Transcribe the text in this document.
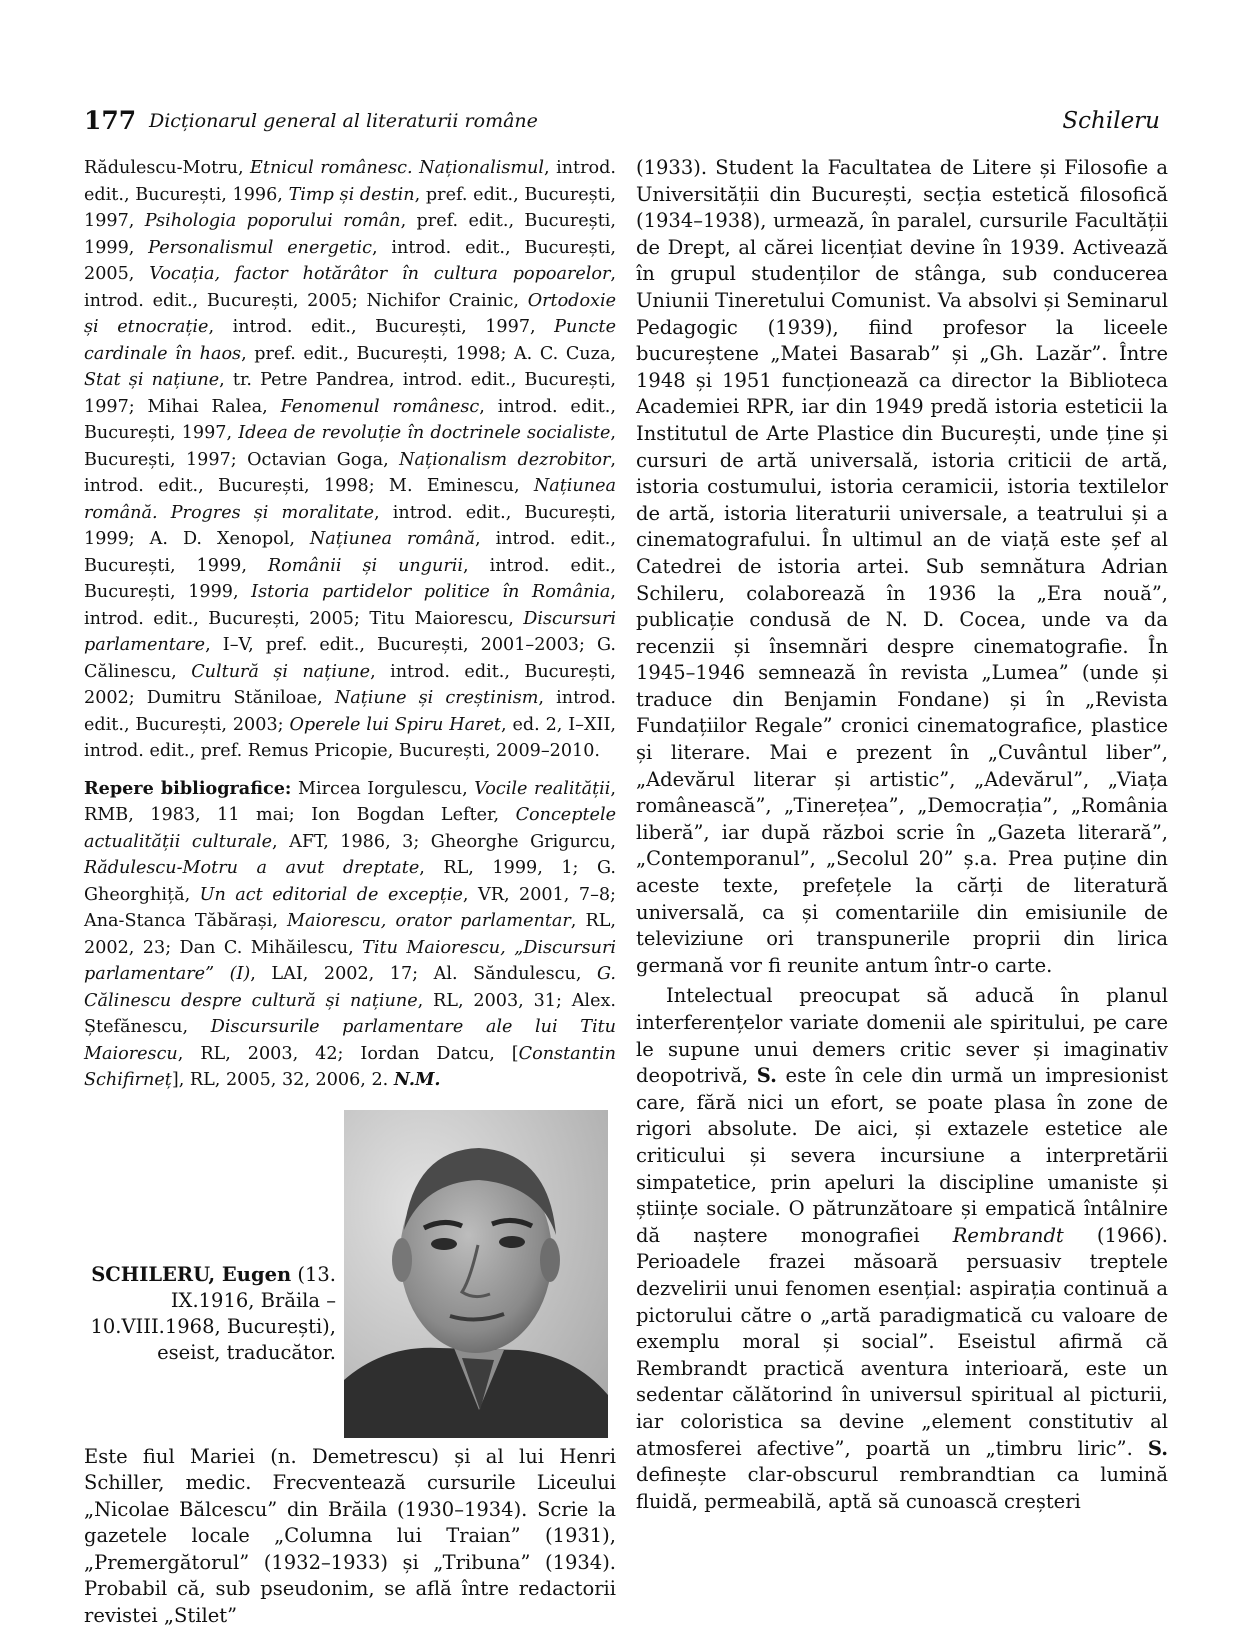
177 Dicționarul general al literaturii române	Schileru

Rădulescu-Motru, Etnicul românesc. Naționalismul, introd. edit., București, 1996, Timp și destin, pref. edit., București, 1997, Psihologia poporului român, pref. edit., București, 1999, Personalismul energetic, introd. edit., București, 2005, Vocația, factor hotărâtor în cultura popoarelor, introd. edit., București, 2005; Nichifor Crainic, Ortodoxie și etnocrație, introd. edit., București, 1997, Puncte cardinale în haos, pref. edit., București, 1998; A. C. Cuza, Stat și națiune, tr. Petre Pandrea, introd. edit., București, 1997; Mihai Ralea, Fenomenul românesc, introd. edit., București, 1997, Ideea de revoluție în doctrinele socialiste, București, 1997; Octavian Goga, Naționalism dezrobitor, introd. edit., București, 1998; M. Eminescu, Națiunea română. Progres și moralitate, introd. edit., București, 1999; A. D. Xenopol, Națiunea română, introd. edit., București, 1999, Românii și ungurii, introd. edit., București, 1999, Istoria partidelor politice în România, introd. edit., București, 2005; Titu Maiorescu, Discursuri parlamentare, I–V, pref. edit., București, 2001–2003; G. Călinescu, Cultură și națiune, introd. edit., București, 2002; Dumitru Stăniloae, Națiune și creștinism, introd. edit., București, 2003; Operele lui Spiru Haret, ed. 2, I–XII, introd. edit., pref. Remus Pricopie, București, 2009–2010.

Repere bibliografice: Mircea Iorgulescu, Vocile realității, RMB, 1983, 11 mai; Ion Bogdan Lefter, Conceptele actualității culturale, AFT, 1986, 3; Gheorghe Grigurcu, Rădulescu-Motru a avut dreptate, RL, 1999, 1; G. Gheorghiță, Un act editorial de excepție, VR, 2001, 7–8; Ana-Stanca Tăbărași, Maiorescu, orator parlamentar, RL, 2002, 23; Dan C. Mihăilescu, Titu Maiorescu, „Discursuri parlamentare” (I), LAI, 2002, 17; Al. Săndulescu, G. Călinescu despre cultură și națiune, RL, 2003, 31; Alex. Ștefănescu, Discursurile parlamentare ale lui Titu Maiorescu, RL, 2003, 42; Iordan Datcu, [Constantin Schifirneț], RL, 2005, 32, 2006, 2. N.M.

SCHILERU, Eugen (13. IX.1916, Brăila – 10.VIII.1968, București), eseist, traducător.

Este fiul Mariei (n. Demetrescu) și al lui Henri Schiller, medic. Frecventează cursurile Liceului „Nicolae Bălcescu” din Brăila (1930–1934). Scrie la gazetele locale „Columna lui Traian” (1931), „Premergătorul” (1932–1933) și „Tribuna” (1934). Probabil că, sub pseudonim, se află între redactorii revistei „Stilet”

(1933). Student la Facultatea de Litere și Filosofie a Universității din București, secția estetică filosofică (1934–1938), urmează, în paralel, cursurile Facultății de Drept, al cărei licențiat devine în 1939. Activează în grupul studenților de stânga, sub conducerea Uniunii Tineretului Comunist. Va absolvi și Seminarul Pedagogic (1939), fiind profesor la liceele bucureștene „Matei Basarab” și „Gh. Lazăr”. Între 1948 și 1951 funcționează ca director la Biblioteca Academiei RPR, iar din 1949 predă istoria esteticii la Institutul de Arte Plastice din București, unde ține și cursuri de artă universală, istoria criticii de artă, istoria costumului, istoria ceramicii, istoria textilelor de artă, istoria literaturii universale, a teatrului și a cinematografului. În ultimul an de viață este șef al Catedrei de istoria artei. Sub semnătura Adrian Schileru, colaborează în 1936 la „Era nouă”, publicație condusă de N. D. Cocea, unde va da recenzii și însemnări despre cinematografie. În 1945–1946 semnează în revista „Lumea” (unde și traduce din Benjamin Fondane) și în „Revista Fundațiilor Regale” cronici cinematografice, plastice și literare. Mai e prezent în „Cuvântul liber”, „Adevărul literar și artistic”, „Adevărul”, „Viața românească”, „Tinerețea”, „Democrația”, „România liberă”, iar după război scrie în „Gazeta literară”, „Contemporanul”, „Secolul 20” ș.a. Prea puține din aceste texte, prefețele la cărți de literatură universală, ca și comentariile din emisiunile de televiziune ori transpunerile proprii din lirica germană vor fi reunite antum într-o carte.

Intelectual preocupat să aducă în planul interferențelor variate domenii ale spiritului, pe care le supune unui demers critic sever și imaginativ deopotrivă, S. este în cele din urmă un impresionist care, fără nici un efort, se poate plasa în zone de rigori absolute. De aici, și extazele estetice ale criticului și severa incursiune a interpretării simpatetice, prin apeluri la discipline umaniste și științe sociale. O pătrunzătoare și empatică întâlnire dă naștere monografiei Rembrandt (1966). Perioadele frazei măsoară persuasiv treptele dezvelirii unui fenomen esențial: aspirația continuă a pictorului către o „artă paradigmatică cu valoare de exemplu moral și social”. Eseistul afirmă că Rembrandt practică aventura interioară, este un sedentar călătorind în universul spiritual al picturii, iar coloristica sa devine „element constitutiv al atmosferei afective”, poartă un „timbru liric”. S. definește clar-obscurul rembrandtian ca lumină fluidă, permeabilă, aptă să cunoască creșteri
